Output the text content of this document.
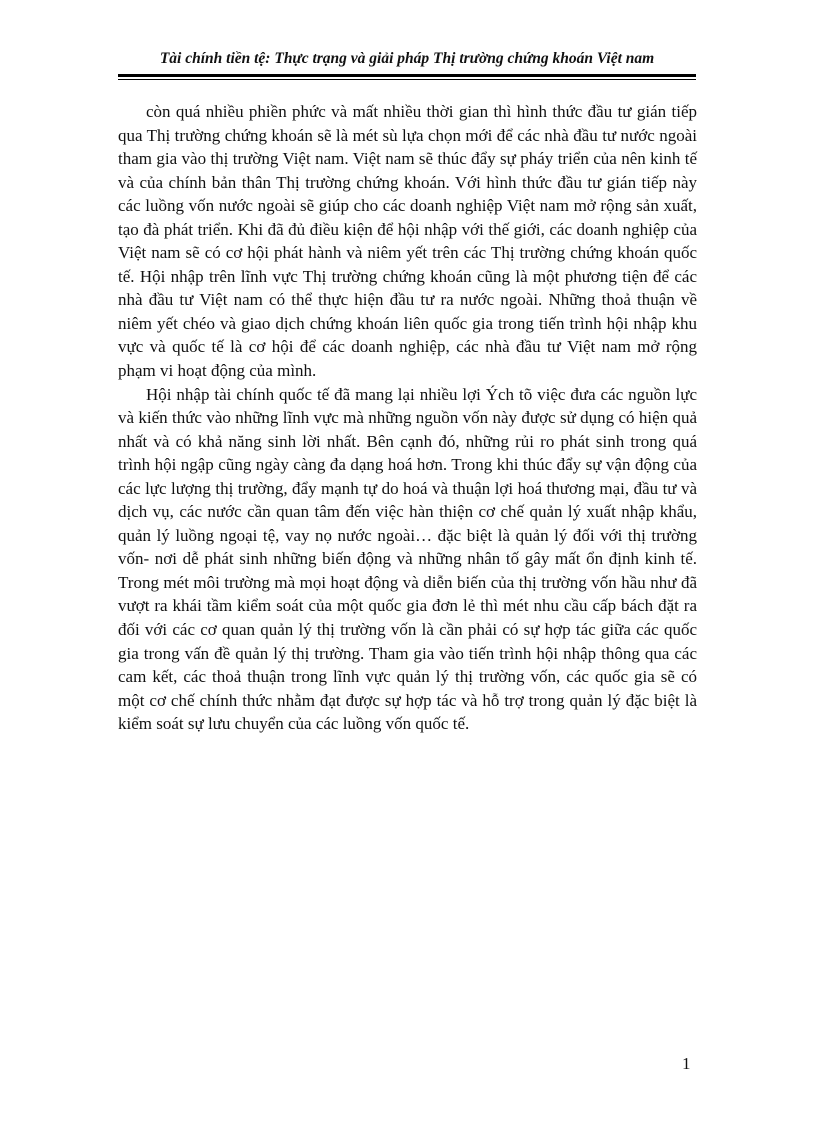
Tài chính tiền tệ: Thực trạng và giải pháp Thị trường chứng khoán Việt nam

còn quá nhiều phiền phức và mất nhiều thời gian thì hình thức đầu tư gián tiếp qua Thị trường chứng khoán sẽ là mét sù lựa chọn mới để các nhà đầu tư nước ngoài tham gia vào thị trường Việt nam. Việt nam sẽ thúc đẩy sự pháy triển của nên kinh tế và của chính bản thân Thị trường chứng khoán. Với hình thức đầu tư gián tiếp này các luồng vốn nước ngoài sẽ giúp cho các doanh nghiệp Việt nam mở rộng sản xuất, tạo đà phát triển. Khi đã đủ điều kiện để hội nhập với thế giới, các doanh nghiệp của Việt nam sẽ có cơ hội phát hành và niêm yết trên các Thị trường chứng khoán quốc tế. Hội nhập trên lĩnh vực Thị trường chứng khoán cũng là một phương tiện để các nhà đầu tư Việt nam có thể thực hiện đầu tư ra nước ngoài. Những thoả thuận về niêm yết chéo và giao dịch chứng khoán liên quốc gia trong tiến trình hội nhập khu vực và quốc tế là cơ hội để các doanh nghiệp, các nhà đầu tư Việt nam mở rộng phạm vi hoạt động của mình.

Hội nhập tài chính quốc tế đã mang lại nhiều lợi Ých tõ việc đưa các nguồn lực và kiến thức vào những lĩnh vực mà những nguồn vốn này được sử dụng có hiện quả nhất và có khả năng sinh lời nhất. Bên cạnh đó, những rủi ro phát sinh trong quá trình hội ngập cũng ngày càng đa dạng hoá hơn. Trong khi thúc đẩy sự vận động của các lực lượng thị trường, đẩy mạnh tự do hoá và thuận lợi hoá thương mại, đầu tư và dịch vụ, các nước cần quan tâm đến việc hàn thiện cơ chế quản lý xuất nhập khẩu, quản lý luồng ngoại tệ, vay nọ nước ngoài… đặc biệt là quản lý đối với thị trường vốn- nơi dễ phát sinh những biến động và những nhân tố gây mất ổn định kinh tế. Trong mét môi trường mà mọi hoạt động và diễn biến của thị trường vốn hầu như đã vượt ra khái tầm kiểm soát của một quốc gia đơn lẻ thì mét nhu cầu cấp bách đặt ra đối với các cơ quan quản lý thị trường vốn là cần phải có sự hợp tác giữa các quốc gia trong vấn đề quản lý thị trường. Tham gia vào tiến trình hội nhập thông qua các cam kết, các thoả thuận trong lĩnh vực quản lý thị trường vốn, các quốc gia sẽ có một cơ chế chính thức nhằm đạt được sự hợp tác và hỗ trợ trong quản lý đặc biệt là kiểm soát sự lưu chuyển của các luồng vốn quốc tế.

1
